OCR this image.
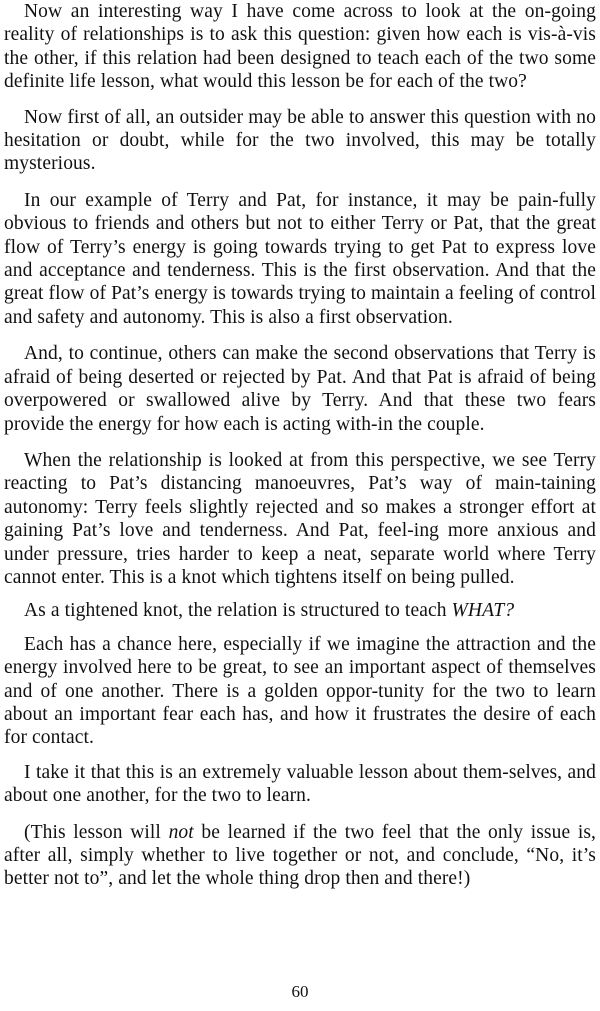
Now an interesting way I have come across to look at the on-going reality of relationships is to ask this question: given how each is vis-à-vis the other, if this relation had been designed to teach each of the two some definite life lesson, what would this lesson be for each of the two?

Now first of all, an outsider may be able to answer this question with no hesitation or doubt, while for the two involved, this may be totally mysterious.

In our example of Terry and Pat, for instance, it may be pain-fully obvious to friends and others but not to either Terry or Pat, that the great flow of Terry’s energy is going towards trying to get Pat to express love and acceptance and tenderness. This is the first observation. And that the great flow of Pat’s energy is towards trying to maintain a feeling of control and safety and autonomy. This is also a first observation.

And, to continue, others can make the second observations that Terry is afraid of being deserted or rejected by Pat. And that Pat is afraid of being overpowered or swallowed alive by Terry. And that these two fears provide the energy for how each is acting with-in the couple.

When the relationship is looked at from this perspective, we see Terry reacting to Pat’s distancing manoeuvres, Pat’s way of main-taining autonomy: Terry feels slightly rejected and so makes a stronger effort at gaining Pat’s love and tenderness. And Pat, feel-ing more anxious and under pressure, tries harder to keep a neat, separate world where Terry cannot enter. This is a knot which tightens itself on being pulled.

As a tightened knot, the relation is structured to teach WHAT?

Each has a chance here, especially if we imagine the attraction and the energy involved here to be great, to see an important aspect of themselves and of one another. There is a golden oppor-tunity for the two to learn about an important fear each has, and how it frustrates the desire of each for contact.

I take it that this is an extremely valuable lesson about them-selves, and about one another, for the two to learn.

(This lesson will not be learned if the two feel that the only issue is, after all, simply whether to live together or not, and conclude, “No, it’s better not to”, and let the whole thing drop then and there!)

60
